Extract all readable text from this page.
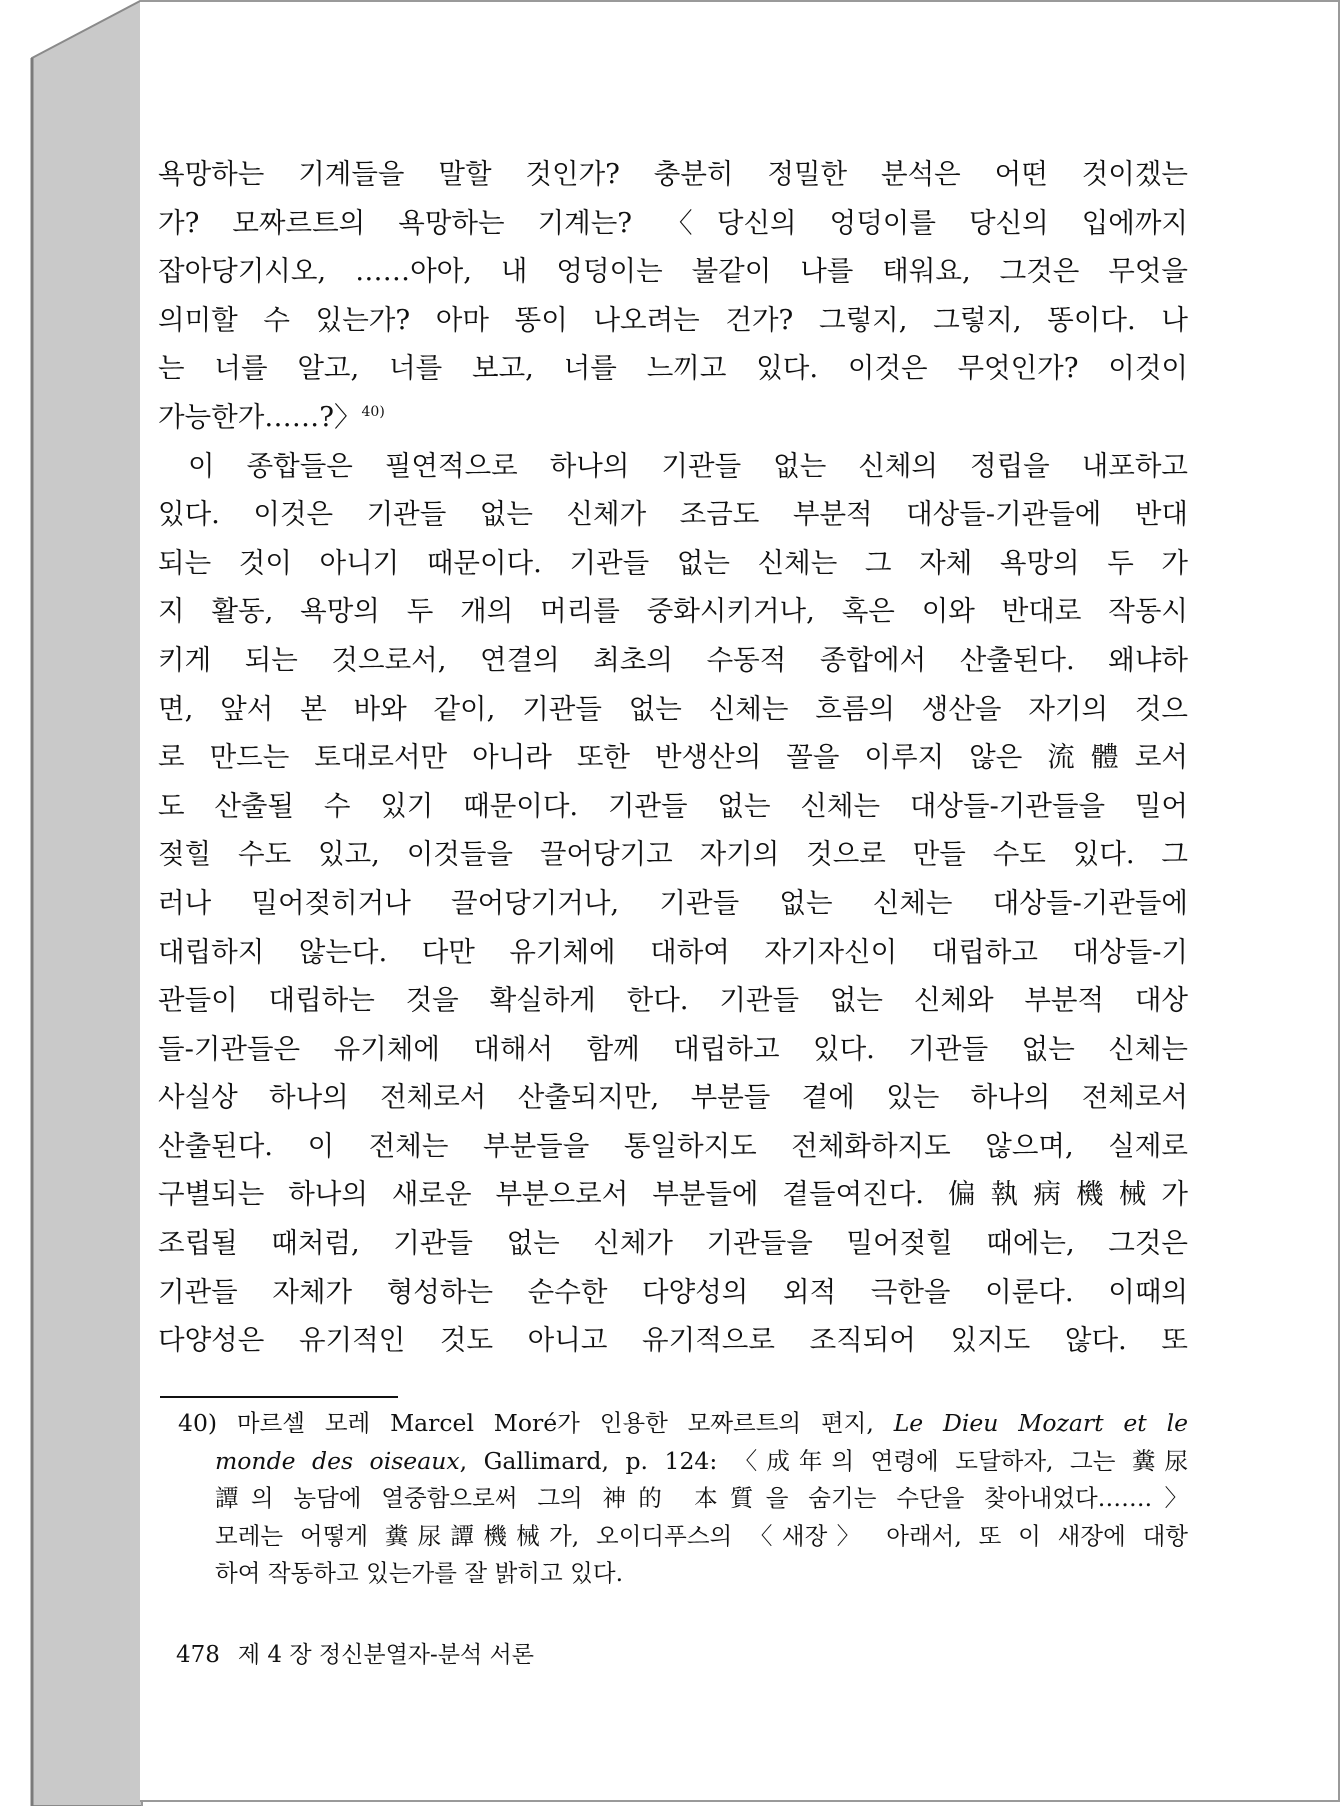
욕망하는 기계들을 말할 것인가? 충분히 정밀한 분석은 어떤 것이겠는
가? 모짜르트의 욕망하는 기계는? 〈당신의 엉덩이를 당신의 입에까지
잡아당기시오, ……아아, 내 엉덩이는 불같이 나를 태워요, 그것은 무엇을
의미할 수 있는가? 아마 똥이 나오려는 건가? 그렇지, 그렇지, 똥이다. 나
는 너를 알고, 너를 보고, 너를 느끼고 있다. 이것은 무엇인가? 이것이
가능한가……?〉$^{40)}$
이 종합들은 필연적으로 하나의 기관들 없는 신체의 정립을 내포하고
있다. 이것은 기관들 없는 신체가 조금도 부분적 대상들-기관들에 반대
되는 것이 아니기 때문이다. 기관들 없는 신체는 그 자체 욕망의 두 가
지 활동, 욕망의 두 개의 머리를 중화시키거나, 혹은 이와 반대로 작동시
키게 되는 것으로서, 연결의 최초의 수동적 종합에서 산출된다. 왜냐하
면, 앞서 본 바와 같이, 기관들 없는 신체는 흐름의 생산을 자기의 것으
로 만드는 토대로서만 아니라 또한 반생산의 꼴을 이루지 않은 流體로서
도 산출될 수 있기 때문이다. 기관들 없는 신체는 대상들-기관들을 밀어
젖힐 수도 있고, 이것들을 끌어당기고 자기의 것으로 만들 수도 있다. 그
러나 밀어젖히거나 끌어당기거나, 기관들 없는 신체는 대상들-기관들에
대립하지 않는다. 다만 유기체에 대하여 자기자신이 대립하고 대상들-기
관들이 대립하는 것을 확실하게 한다. 기관들 없는 신체와 부분적 대상
들-기관들은 유기체에 대해서 함께 대립하고 있다. 기관들 없는 신체는
사실상 하나의 전체로서 산출되지만, 부분들 곁에 있는 하나의 전체로서
산출된다. 이 전체는 부분들을 통일하지도 전체화하지도 않으며, 실제로
구별되는 하나의 새로운 부분으로서 부분들에 곁들여진다. 偏執病機械가
조립될 때처럼, 기관들 없는 신체가 기관들을 밀어젖힐 때에는, 그것은
기관들 자체가 형성하는 순수한 다양성의 외적 극한을 이룬다. 이때의
다양성은 유기적인 것도 아니고 유기적으로 조직되어 있지도 않다. 또
40) 마르셀 모레 Marcel Moré가 인용한 모짜르트의 편지, Le Dieu Mozart et le
monde des oiseaux, Gallimard, p. 124: 〈成年의 연령에 도달하자, 그는 糞尿
譚의 농담에 열중함으로써 그의 神的 本質을 숨기는 수단을 찾아내었다…….〉
모레는 어떻게 糞尿譚機械가, 오이디푸스의 〈새장〉 아래서, 또 이 새장에 대항
하여 작동하고 있는가를 잘 밝히고 있다.
478 제 4 장 정신분열자-분석 서론
